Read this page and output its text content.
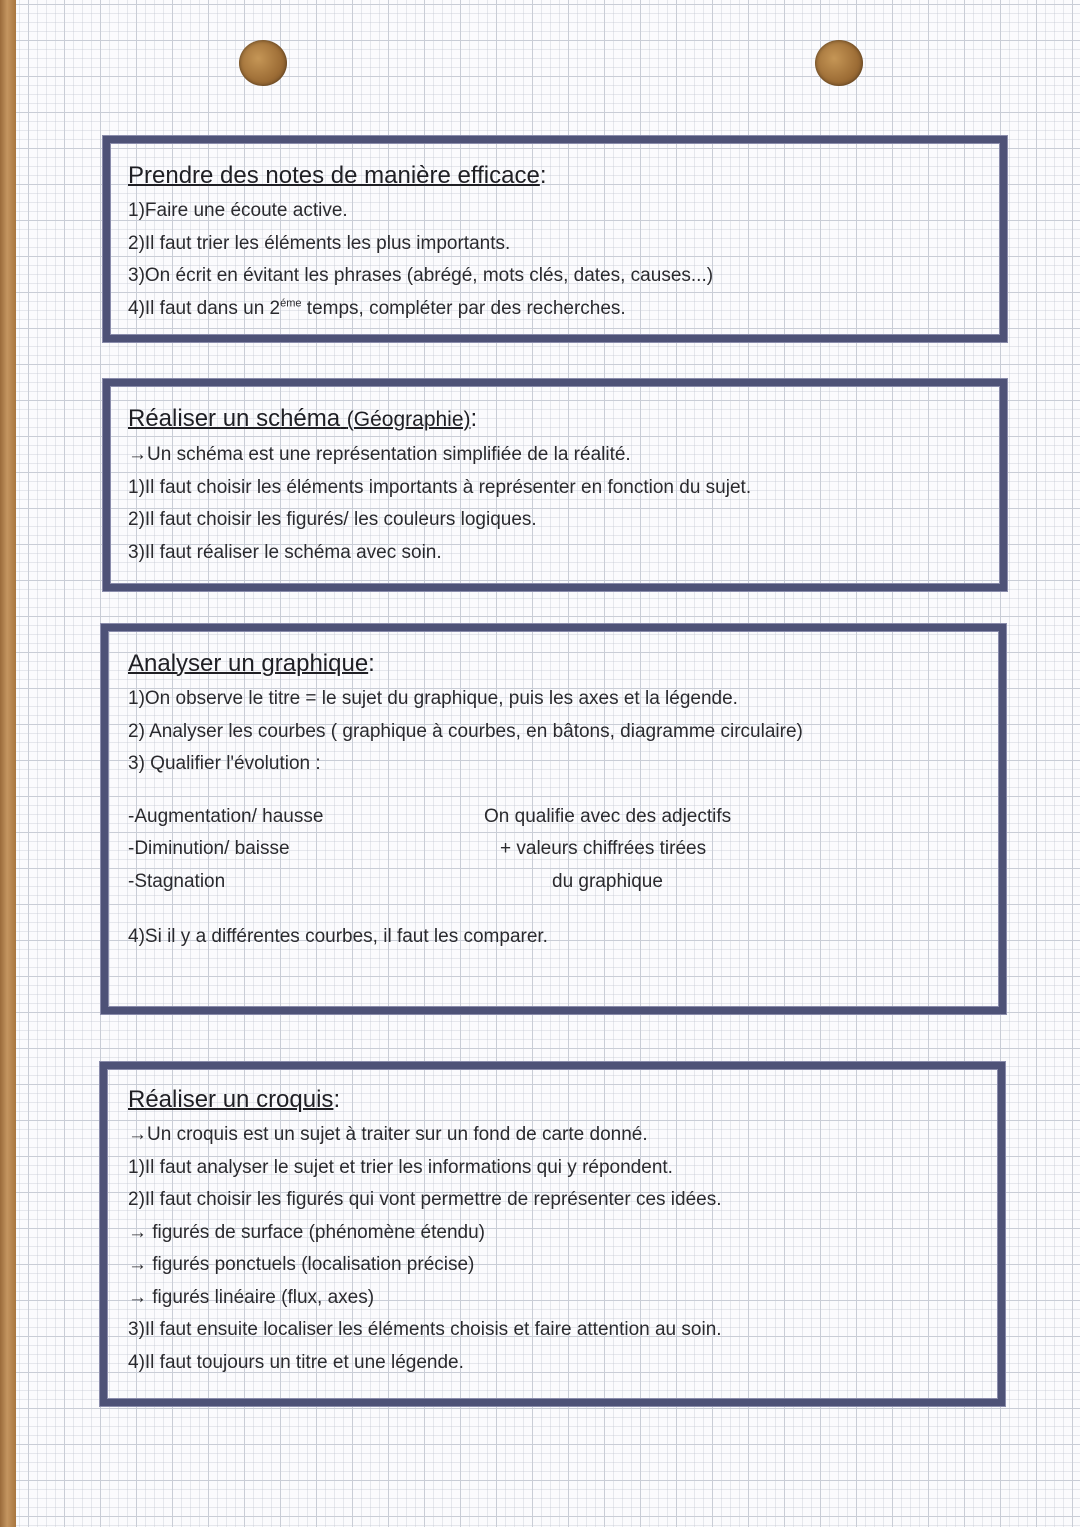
Prendre des notes de manière efficace:

1)Faire une écoute active.

2)Il faut trier les éléments les plus importants.

3)On écrit en évitant les phrases (abrégé, mots clés, dates, causes...)

4)Il faut dans un $2^{éme}$ temps, compléter par des recherches.

Réaliser un schéma (Géographie):

→Un schéma est une représentation simplifiée de la réalité.

1)Il faut choisir les éléments importants à représenter en fonction du sujet.

2)Il faut choisir les figurés/ les couleurs logiques.

3)Il faut réaliser le schéma avec soin.

Analyser un graphique:

1)On observe le titre = le sujet du graphique, puis les axes et la légende.

2) Analyser les courbes ( graphique à courbes, en bâtons, diagramme circulaire)

3) Qualifier l'évolution :

-Augmentation/ hausse

-Diminution/ baisse

-Stagnation

On qualifie avec des adjectifs

+ valeurs chiffrées tirées

du graphique

4)Si il y a différentes courbes, il faut les comparer.

Réaliser un croquis:

→Un croquis est un sujet à traiter sur un fond de carte donné.

1)Il faut analyser le sujet et trier les informations qui y répondent.

2)Il faut choisir les figurés qui vont permettre de représenter ces idées.

→ figurés de surface (phénomène étendu)

→ figurés ponctuels (localisation précise)

→ figurés linéaire (flux, axes)

3)Il faut ensuite localiser les éléments choisis et faire attention au soin.

4)Il faut toujours un titre et une légende.
